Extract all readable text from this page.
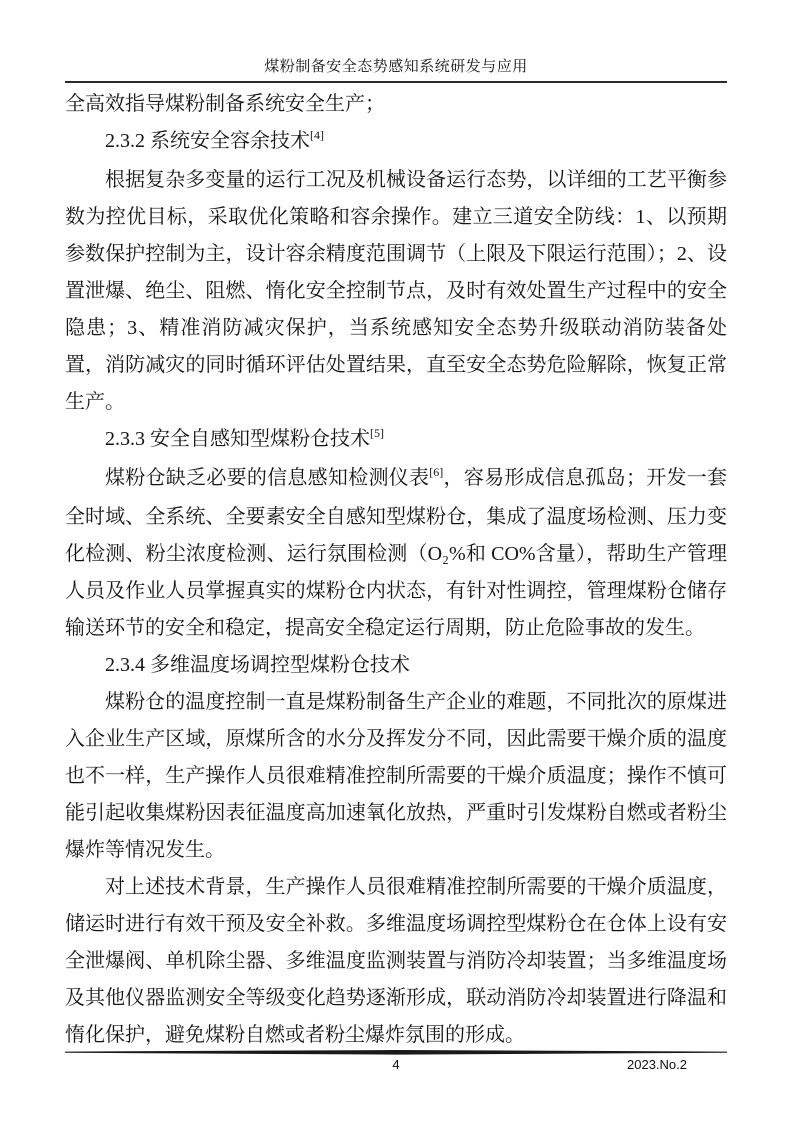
煤粉制备安全态势感知系统研发与应用

全高效指导煤粉制备系统安全生产；

2.3.2 系统安全容余技术[4]

根据复杂多变量的运行工况及机械设备运行态势，以详细的工艺平衡参数为控优目标，采取优化策略和容余操作。建立三道安全防线：1、以预期参数保护控制为主，设计容余精度范围调节（上限及下限运行范围）；2、设置泄爆、绝尘、阻燃、惰化安全控制节点，及时有效处置生产过程中的安全隐患；3、精准消防减灾保护，当系统感知安全态势升级联动消防装备处置，消防减灾的同时循环评估处置结果，直至安全态势危险解除，恢复正常生产。

2.3.3 安全自感知型煤粉仓技术[5]

煤粉仓缺乏必要的信息感知检测仪表[6]，容易形成信息孤岛；开发一套全时域、全系统、全要素安全自感知型煤粉仓，集成了温度场检测、压力变化检测、粉尘浓度检测、运行氛围检测（O₂%和 CO%含量），帮助生产管理人员及作业人员掌握真实的煤粉仓内状态，有针对性调控，管理煤粉仓储存输送环节的安全和稳定，提高安全稳定运行周期，防止危险事故的发生。

2.3.4 多维温度场调控型煤粉仓技术

煤粉仓的温度控制一直是煤粉制备生产企业的难题，不同批次的原煤进入企业生产区域，原煤所含的水分及挥发分不同，因此需要干燥介质的温度也不一样，生产操作人员很难精准控制所需要的干燥介质温度；操作不慎可能引起收集煤粉因表征温度高加速氧化放热，严重时引发煤粉自燃或者粉尘爆炸等情况发生。

对上述技术背景，生产操作人员很难精准控制所需要的干燥介质温度，储运时进行有效干预及安全补救。多维温度场调控型煤粉仓在仓体上设有安全泄爆阀、单机除尘器、多维温度监测装置与消防冷却装置；当多维温度场及其他仪器监测安全等级变化趋势逐渐形成，联动消防冷却装置进行降温和惰化保护，避免煤粉自燃或者粉尘爆炸氛围的形成。

4	2023.No.2
